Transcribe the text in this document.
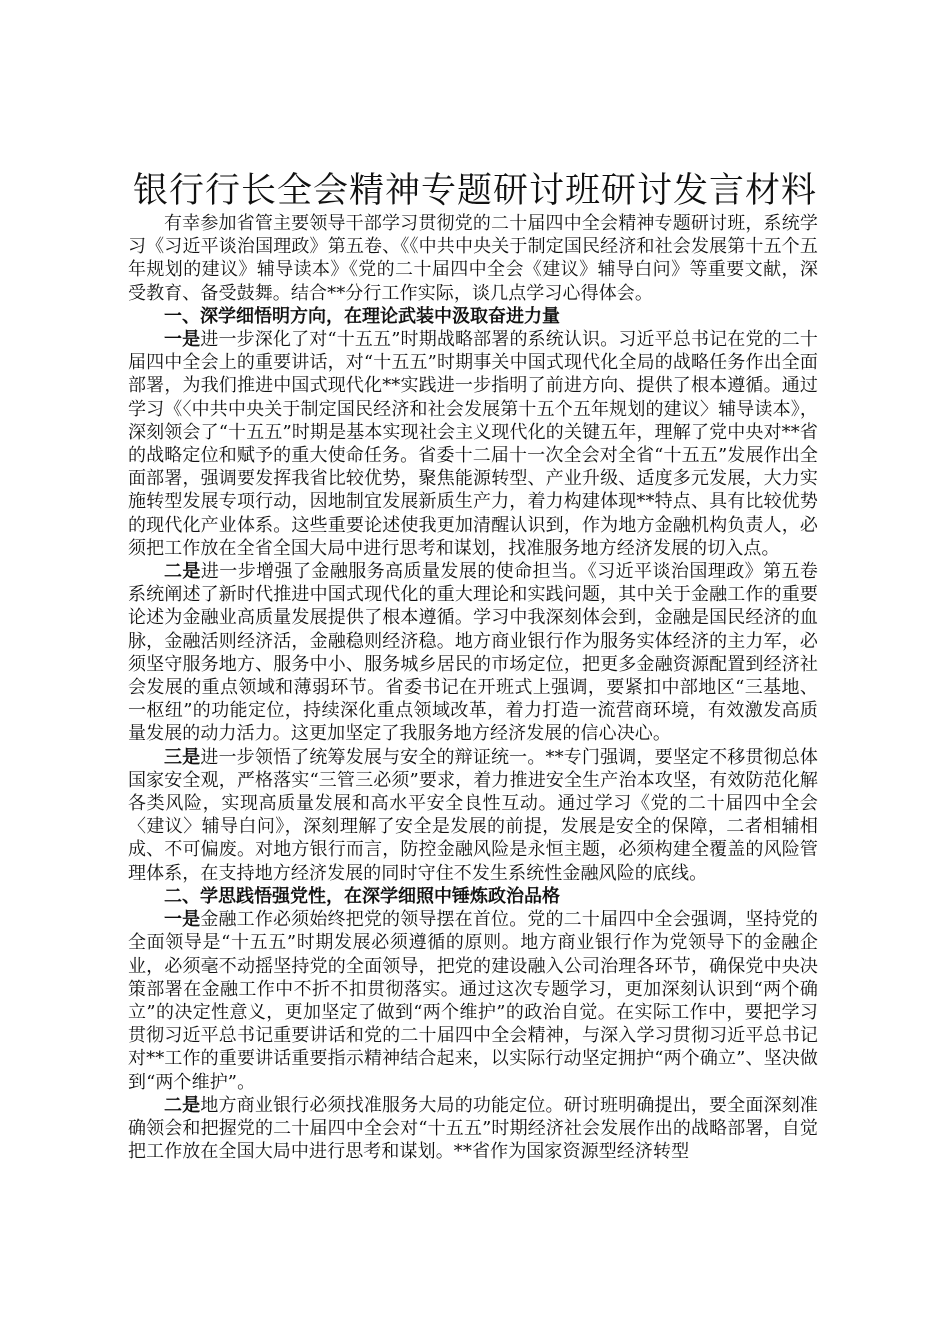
银行行长全会精神专题研讨班研讨发言材料

有幸参加省管主要领导干部学习贯彻党的二十届四中全会精神专题研讨班，系统学习《习近平谈治国理政》第五卷、《《中共中央关于制定国民经济和社会发展第十五个五年规划的建议》辅导读本》《党的二十届四中全会《建议》辅导白问》等重要文献，深受教育、备受鼓舞。结合**分行工作实际，谈几点学习心得体会。

一、深学细悟明方向，在理论武装中汲取奋进力量

一是进一步深化了对“十五五”时期战略部署的系统认识。习近平总书记在党的二十届四中全会上的重要讲话，对“十五五”时期事关中国式现代化全局的战略任务作出全面部署，为我们推进中国式现代化**实践进一步指明了前进方向、提供了根本遵循。通过学习《〈中共中央关于制定国民经济和社会发展第十五个五年规划的建议〉辅导读本》，深刻领会了“十五五”时期是基本实现社会主义现代化的关键五年，理解了党中央对**省的战略定位和赋予的重大使命任务。省委十二届十一次全会对全省“十五五”发展作出全面部署，强调要发挥我省比较优势，聚焦能源转型、产业升级、适度多元发展，大力实施转型发展专项行动，因地制宜发展新质生产力，着力构建体现**特点、具有比较优势的现代化产业体系。这些重要论述使我更加清醒认识到，作为地方金融机构负责人，必须把工作放在全省全国大局中进行思考和谋划，找准服务地方经济发展的切入点。

二是进一步增强了金融服务高质量发展的使命担当。《习近平谈治国理政》第五卷系统阐述了新时代推进中国式现代化的重大理论和实践问题，其中关于金融工作的重要论述为金融业高质量发展提供了根本遵循。学习中我深刻体会到，金融是国民经济的血脉，金融活则经济活，金融稳则经济稳。地方商业银行作为服务实体经济的主力军，必须坚守服务地方、服务中小、服务城乡居民的市场定位，把更多金融资源配置到经济社会发展的重点领域和薄弱环节。省委书记在开班式上强调，要紧扣中部地区“三基地、一枢纽”的功能定位，持续深化重点领域改革，着力打造一流营商环境，有效激发高质量发展的动力活力。这更加坚定了我服务地方经济发展的信心决心。

三是进一步领悟了统筹发展与安全的辩证统一。**专门强调，要坚定不移贯彻总体国家安全观，严格落实“三管三必须”要求，着力推进安全生产治本攻坚，有效防范化解各类风险，实现高质量发展和高水平安全良性互动。通过学习《党的二十届四中全会〈建议〉辅导白问》，深刻理解了安全是发展的前提，发展是安全的保障，二者相辅相成、不可偏废。对地方银行而言，防控金融风险是永恒主题，必须构建全覆盖的风险管理体系，在支持地方经济发展的同时守住不发生系统性金融风险的底线。

二、学思践悟强党性，在深学细照中锤炼政治品格

一是金融工作必须始终把党的领导摆在首位。党的二十届四中全会强调，坚持党的全面领导是“十五五”时期发展必须遵循的原则。地方商业银行作为党领导下的金融企业，必须毫不动摇坚持党的全面领导，把党的建设融入公司治理各环节，确保党中央决策部署在金融工作中不折不扣贯彻落实。通过这次专题学习，更加深刻认识到“两个确立”的决定性意义，更加坚定了做到“两个维护”的政治自觉。在实际工作中，要把学习贯彻习近平总书记重要讲话和党的二十届四中全会精神，与深入学习贯彻习近平总书记对**工作的重要讲话重要指示精神结合起来，以实际行动坚定拥护“两个确立”、坚决做到“两个维护”。

二是地方商业银行必须找准服务大局的功能定位。研讨班明确提出，要全面深刻准确领会和把握党的二十届四中全会对“十五五”时期经济社会发展作出的战略部署，自觉把工作放在全国大局中进行思考和谋划。**省作为国家资源型经济转型
